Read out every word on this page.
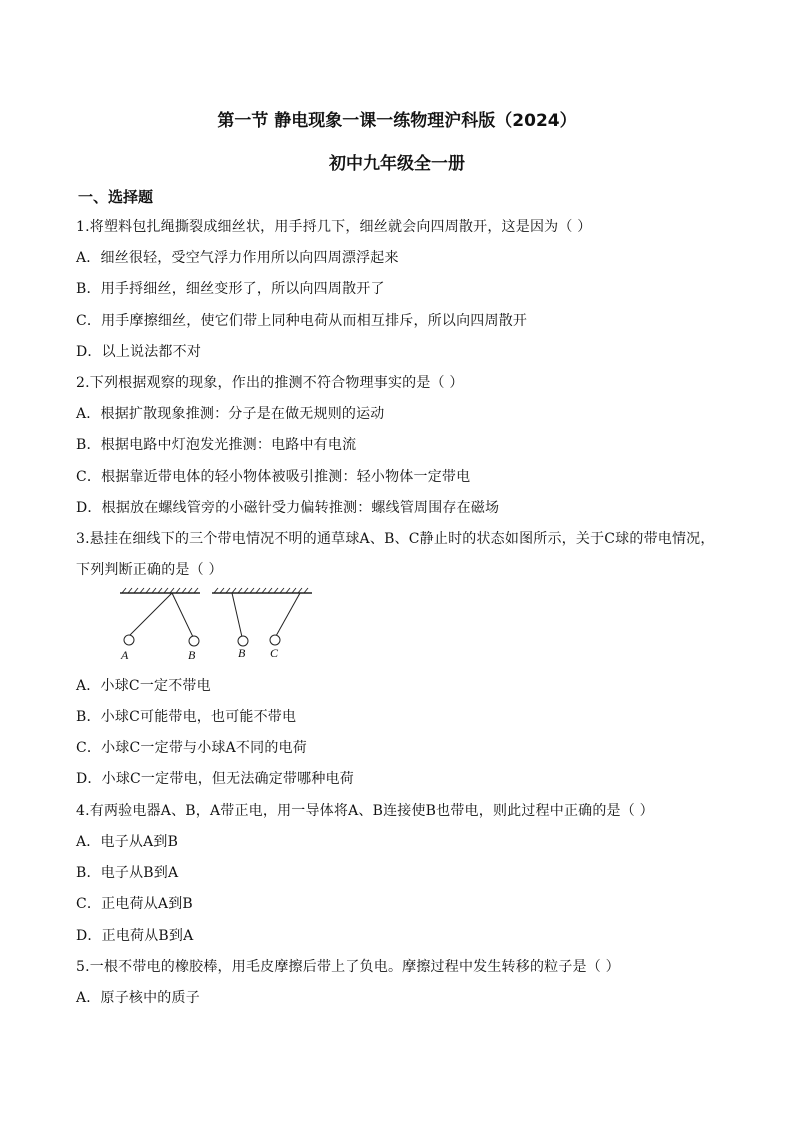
第一节 静电现象一课一练物理沪科版（2024）
初中九年级全一册
一、选择题
1.将塑料包扎绳撕裂成细丝状，用手捋几下，细丝就会向四周散开，这是因为（ ）
A．细丝很轻，受空气浮力作用所以向四周漂浮起来
B．用手捋细丝，细丝变形了，所以向四周散开了
C．用手摩擦细丝，使它们带上同种电荷从而相互排斥，所以向四周散开
D．以上说法都不对
2.下列根据观察的现象，作出的推测不符合物理事实的是（ ）
A．根据扩散现象推测：分子是在做无规则的运动
B．根据电路中灯泡发光推测：电路中有电流
C．根据靠近带电体的轻小物体被吸引推测：轻小物体一定带电
D．根据放在螺线管旁的小磁针受力偏转推测：螺线管周围存在磁场
3.悬挂在细线下的三个带电情况不明的通草球A、B、C静止时的状态如图所示，关于C球的带电情况，
下列判断正确的是（ ）
A	B	B C
A．小球C一定不带电
B．小球C可能带电，也可能不带电
C．小球C一定带与小球A不同的电荷
D．小球C一定带电，但无法确定带哪种电荷
4.有两验电器A、B，A带正电，用一导体将A、B连接使B也带电，则此过程中正确的是（ ）
A．电子从A到B
B．电子从B到A
C．正电荷从A到B
D．正电荷从B到A
5.一根不带电的橡胶棒，用毛皮摩擦后带上了负电。摩擦过程中发生转移的粒子是（ ）
A．原子核中的质子
